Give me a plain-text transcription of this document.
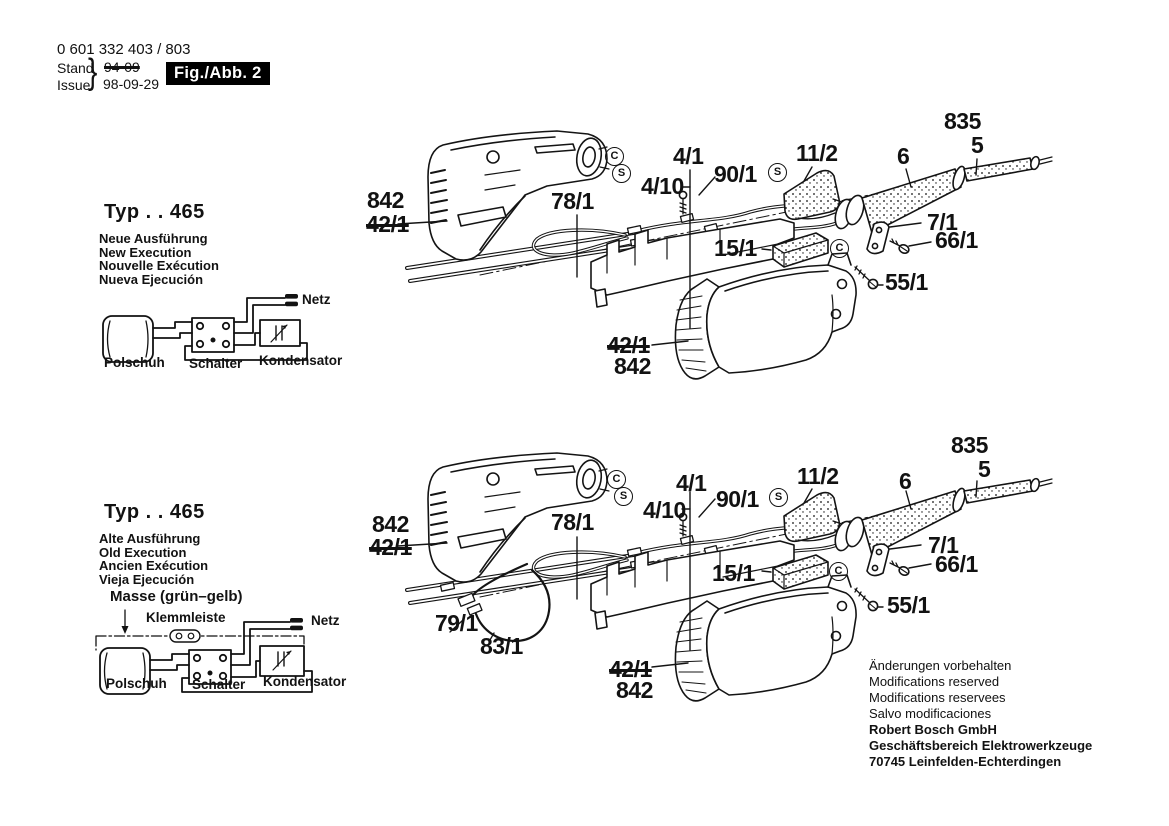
0 601 332 403 / 803
Stand
Issue
} 94-09
98-09-29
Fig./Abb. 2
Typ . . 465
Neue Ausführung
New Execution
Nouvelle Exécution
Nueva Ejecución
Netz
Polschuh Schalter Kondensator
Typ . . 465
Alte Ausführung
Old Execution
Ancien Exécution
Vieja Ejecución
Masse (grün–gelb)
Klemmleiste	Netz
Polschuh Schalter Kondensator
842
42/1
78/1
4/1
4/10 90/1	S
11/2	6
835
5
7/1
66/1
15/1	C
55/1
42/1
842
C
S
842
42/1
78/1
4/1
4/10 90/1	S
11/2	6
835
5
7/1
66/1
15/1	C
55/1
79/1
83/1
42/1
842
C
S
Änderungen vorbehalten
Modifications reserved
Modifications reservees
Salvo modificaciones
Robert Bosch GmbH
Geschäftsbereich Elektrowerkzeuge
70745 Leinfelden-Echterdingen
